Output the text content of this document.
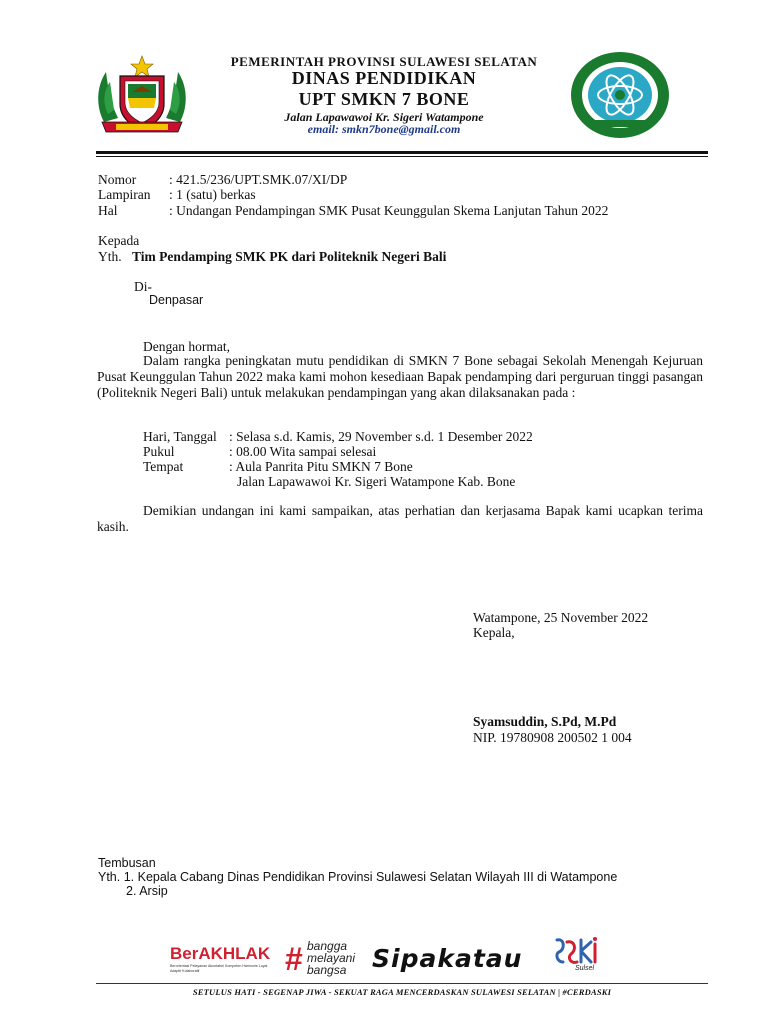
PEMERINTAH PROVINSI SULAWESI SELATAN
DINAS PENDIDIKAN
UPT SMKN 7 BONE
Jalan Lapawawoi Kr. Sigeri Watampone
email: smkn7bone@gmail.com
Nomor : 421.5/236/UPT.SMK.07/XI/DP
Lampiran : 1 (satu) berkas
Hal	: Undangan Pendampingan SMK Pusat Keunggulan Skema Lanjutan Tahun 2022
Kepada
Yth. Tim Pendamping SMK PK dari Politeknik Negeri Bali
Di-
Denpasar
Dengan hormat,
Dalam rangka peningkatan mutu pendidikan di SMKN 7 Bone sebagai Sekolah Menengah Kejuruan Pusat Keunggulan Tahun 2022 maka kami mohon kesediaan Bapak pendamping dari perguruan tinggi pasangan (Politeknik Negeri Bali) untuk melakukan pendampingan yang akan dilaksanakan pada :
Hari, Tanggal : Selasa s.d. Kamis, 29 November s.d. 1 Desember 2022
Pukul	: 08.00 Wita sampai selesai
Tempat	: Aula Panrita Pitu SMKN 7 Bone
Jalan Lapawawoi Kr. Sigeri Watampone Kab. Bone
Demikian undangan ini kami sampaikan, atas perhatian dan kerjasama Bapak kami ucapkan terima kasih.
Watampone, 25 November 2022
Kepala,
Syamsuddin, S.Pd, M.Pd
NIP. 19780908 200502 1 004
Tembusan
Yth. 1. Kepala Cabang Dinas Pendidikan Provinsi Sulawesi Selatan Wilayah III di Watampone
2. Arsip
BerAKHLAK
Berorientasi Pelayanan Akuntabel Kompeten Harmonis Loyal Adaptif Kolaboratif	# bangga
melayani
bangsa Sipakatau	Sulsel
SETULUS HATI - SEGENAP JIWA - SEKUAT RAGA MENCERDASKAN SULAWESI SELATAN | #CERDASKI
